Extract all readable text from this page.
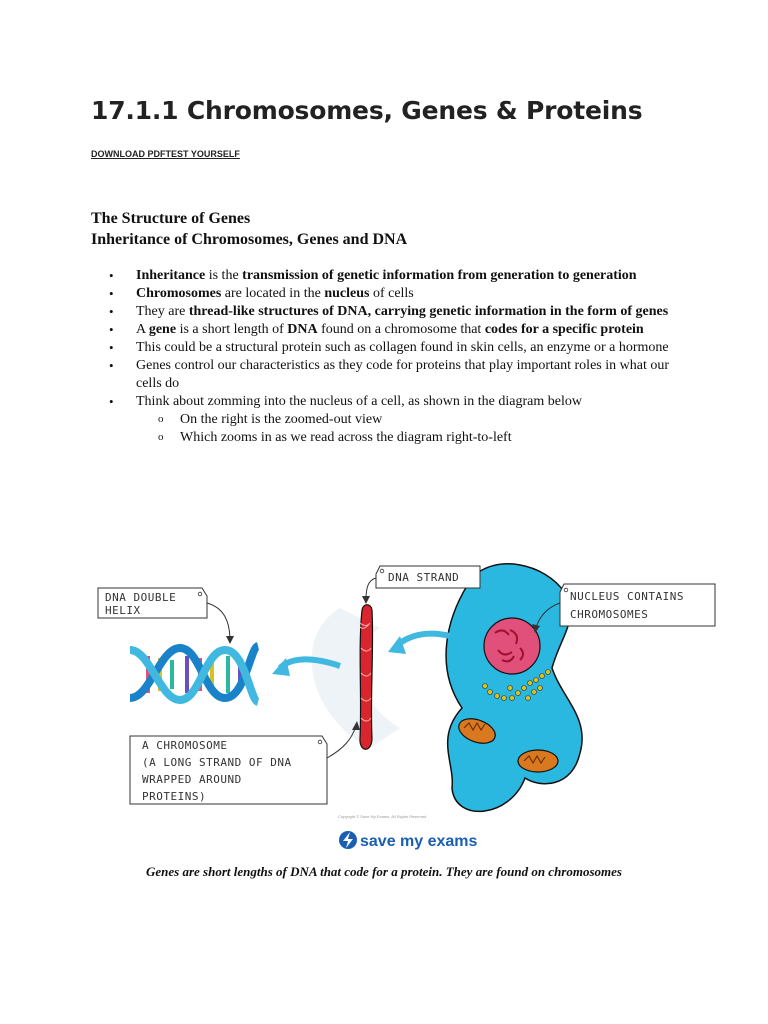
17.1.1 Chromosomes, Genes & Proteins
DOWNLOAD PDFTEST YOURSELF
The Structure of Genes
Inheritance of Chromosomes, Genes and DNA
• Inheritance is the transmission of genetic information from generation to generation
• Chromosomes are located in the nucleus of cells
• They are thread-like structures of DNA, carrying genetic information in the form of genes
• A gene is a short length of DNA found on a chromosome that codes for a specific protein
• This could be a structural protein such as collagen found in skin cells, an enzyme or a hormone
• Genes control our characteristics as they code for proteins that play important roles in what our cells do
• Think about zomming into the nucleus of a cell, as shown in the diagram below
o On the right is the zoomed-out view
o Which zooms in as we read across the diagram right-to-left
DNA DOUBLE
HELIX
DNA STRAND
NUCLEUS CONTAINS
CHROMOSOMES
A CHROMOSOME
(A LONG STRAND OF DNA
WRAPPED AROUND
PROTEINS)
Copyright © Save My Exams. All Rights Reserved
save my exams
Genes are short lengths of DNA that code for a protein. They are found on chromosomes
